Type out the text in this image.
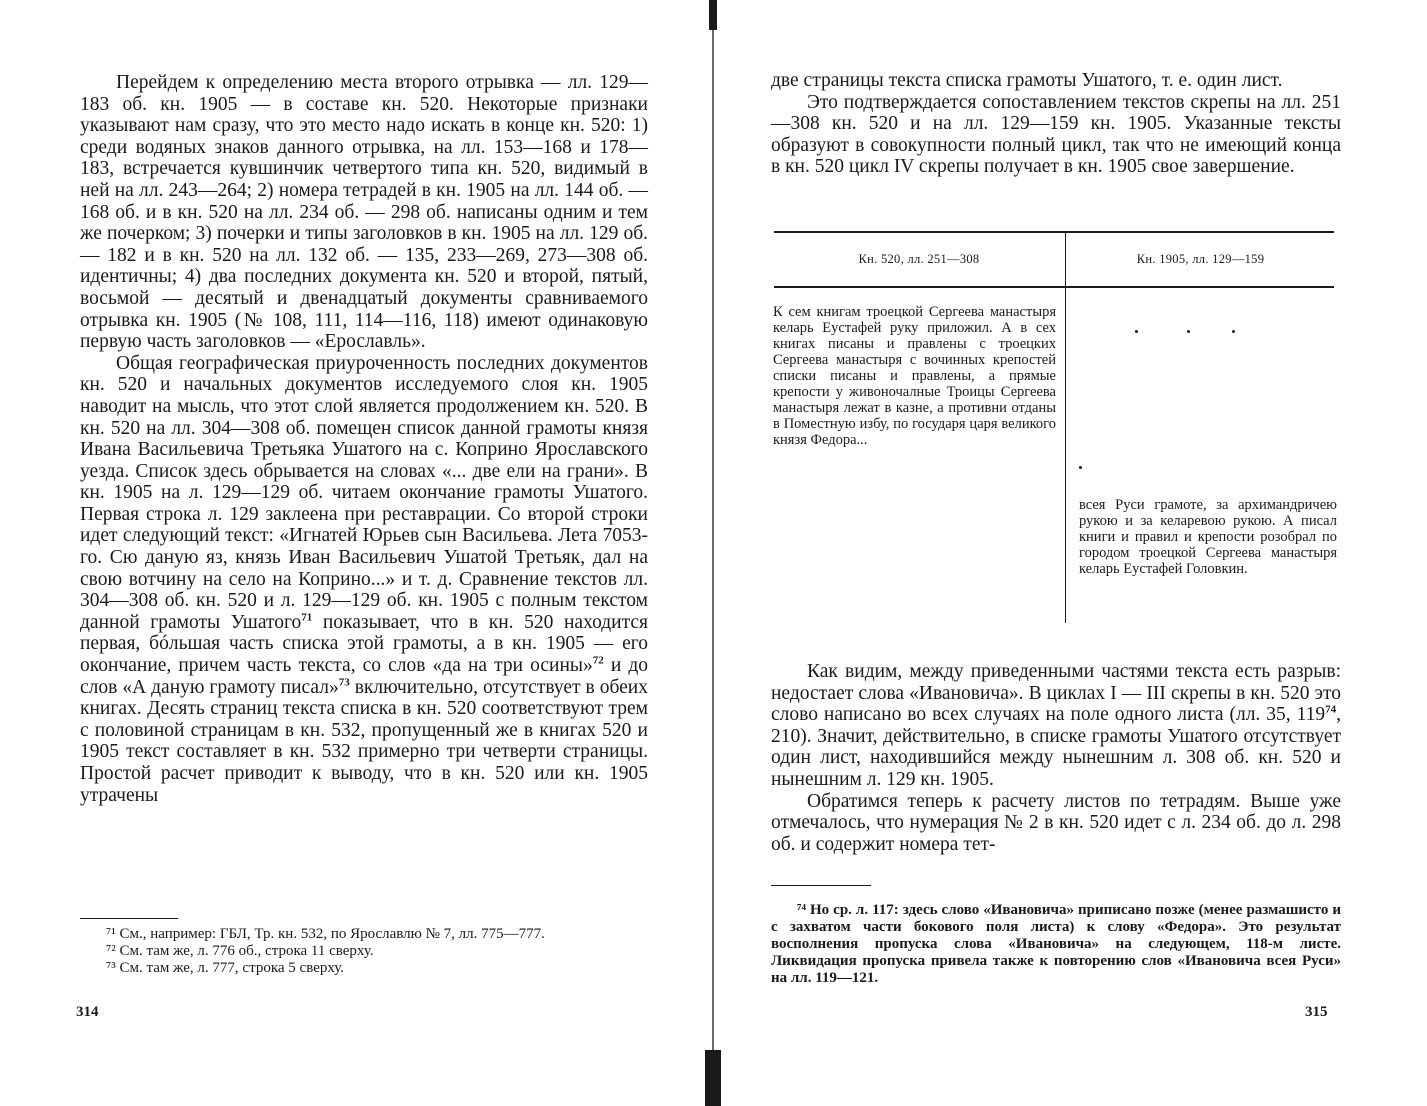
Перейдем к определению места второго отрывка — лл. 129—183 об. кн. 1905 — в составе кн. 520. Некоторые признаки указывают нам сразу, что это место надо искать в конце кн. 520: 1) среди водяных знаков данного отрывка, на лл. 153—168 и 178—183, встречается кувшинчик четвертого типа кн. 520, видимый в ней на лл. 243—264; 2) номера тетрадей в кн. 1905 на лл. 144 об. — 168 об. и в кн. 520 на лл. 234 об. — 298 об. написаны одним и тем же почерком; 3) почерки и типы заголовков в кн. 1905 на лл. 129 об. — 182 и в кн. 520 на лл. 132 об. — 135, 233—269, 273—308 об. идентичны; 4) два последних документа кн. 520 и второй, пятый, восьмой — десятый и двенадцатый документы сравниваемого отрывка кн. 1905 (№ 108, 111, 114—116, 118) имеют одинаковую первую часть заголовков — «Ерославль».

Общая географическая приуроченность последних документов кн. 520 и начальных документов исследуемого слоя кн. 1905 наводит на мысль, что этот слой является продолжением кн. 520. В кн. 520 на лл. 304—308 об. помещен список данной грамоты князя Ивана Васильевича Третьяка Ушатого на с. Коприно Ярославского уезда. Список здесь обрывается на словах «... две ели на грани». В кн. 1905 на л. 129—129 об. читаем окончание грамоты Ушатого. Первая строка л. 129 заклеена при реставрации. Со второй строки идет следующий текст: «Игнатей Юрьев сын Васильева. Лета 7053-го. Сю даную яз, князь Иван Васильевич Ушатой Третьяк, дал на свою вотчину на село на Коприно...» и т. д. Сравнение текстов лл. 304—308 об. кн. 520 и л. 129—129 об. кн. 1905 с полным текстом данной грамоты Ушатого$^{71}$ показывает, что в кн. 520 находится первая, бóльшая часть списка этой грамоты, а в кн. 1905 — его окончание, причем часть текста, со слов «да на три осины»$^{72}$ и до слов «А даную грамоту писал»$^{73}$ включительно, отсутствует в обеих книгах. Десять страниц текста списка в кн. 520 соответствуют трем с половиной страницам в кн. 532, пропущенный же в книгах 520 и 1905 текст составляет в кн. 532 примерно три четверти страницы. Простой расчет приводит к выводу, что в кн. 520 или кн. 1905 утрачены

⁷¹ См., например: ГБЛ, Тр. кн. 532, по Ярославлю № 7, лл. 775—777.

⁷² См. там же, л. 776 об., строка 11 сверху.

⁷³ См. там же, л. 777, строка 5 сверху.

314

две страницы текста списка грамоты Ушатого, т. е. один лист.

Это подтверждается сопоставлением текстов скрепы на лл. 251—308 кн. 520 и на лл. 129—159 кн. 1905. Указанные тексты образуют в совокупности полный цикл, так что не имеющий конца в кн. 520 цикл IV скрепы получает в кн. 1905 свое завершение.

Кн. 520, лл. 251—308	Кн. 1905, лл. 129—159
К сем книгам троецкой Сергеева манастыря келарь Еустафей руку приложил. А в сех книгах писаны и правлены с троецких Сергеева манастыря с вочинных крепостей списки писаны и правлены, а прямые крепости у живоночалные Троицы Сергеева манастыря лежат в казне, а противни отданы в Поместную избу, по государя царя великого князя Федора...
всея Руси грамоте, за архимандричею рукою и за келаревою рукою. А писал книги и правил и крепости розобрал по городом троецкой Сергеева манастыря келарь Еустафей Головкин.

Как видим, между приведенными частями текста есть разрыв: недостает слова «Ивановича». В циклах I — III скрепы в кн. 520 это слово написано во всех случаях на поле одного листа (лл. 35, $119^{74}$, 210). Значит, действительно, в списке грамоты Ушатого отсутствует один лист, находившийся между нынешним л. 308 об. кн. 520 и нынешним л. 129 кн. 1905.

Обратимся теперь к расчету листов по тетрадям. Выше уже отмечалось, что нумерация № 2 в кн. 520 идет с л. 234 об. до л. 298 об. и содержит номера тет-

⁷⁴ Но ср. л. 117: здесь слово «Ивановича» приписано позже (менее размашисто и с захватом части бокового поля листа) к слову «Федора». Это результат восполнения пропуска слова «Ивановича» на следующем, 118-м листе. Ликвидация пропуска привела также к повторению слов «Ивановича всея Руси» на лл. 119—121.

315
